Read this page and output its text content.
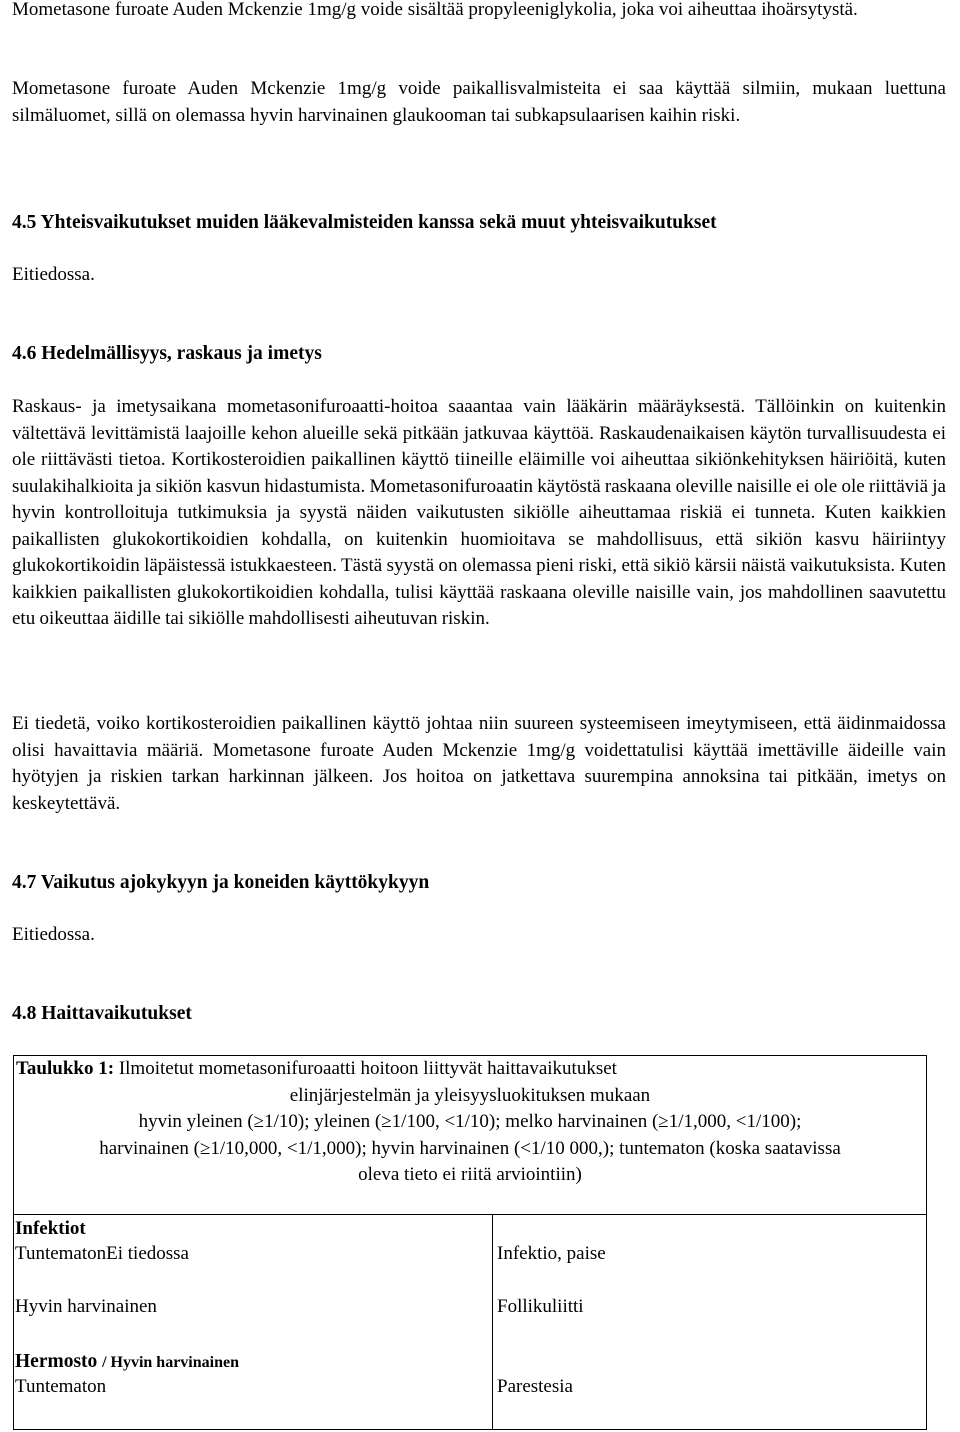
Mometasone furoate Auden Mckenzie 1mg/g voide sisältää propyleeniglykolia, joka voi aiheuttaa ihoärsytystä.

Mometasone furoate Auden Mckenzie 1mg/g voide paikallisvalmisteita ei saa käyttää silmiin, mukaan luettuna silmäluomet, sillä on olemassa hyvin harvinainen glaukooman tai subkapsulaarisen kaihin riski.

4.5 Yhteisvaikutukset muiden lääkevalmisteiden kanssa sekä muut yhteisvaikutukset

Eitiedossa.

4.6 Hedelmällisyys, raskaus ja imetys

Raskaus- ja imetysaikana mometasonifuroaatti-hoitoa saaantaa vain lääkärin määräyksestä. Tällöinkin on kuitenkin vältettävä levittämistä laajoille kehon alueille sekä pitkään jatkuvaa käyttöä. Raskaudenaikaisen käytön turvallisuudesta ei ole riittävästi tietoa. Kortikosteroidien paikallinen käyttö tiineille eläimille voi aiheuttaa sikiönkehityksen häiriöitä, kuten suulakihalkioita ja sikiön kasvun hidastumista. Mometasonifuroaatin käytöstä raskaana oleville naisille ei ole ole riittäviä ja hyvin kontrolloituja tutkimuksia ja syystä näiden vaikutusten sikiölle aiheuttamaa riskiä ei tunneta. Kuten kaikkien paikallisten glukokortikoidien kohdalla, on kuitenkin huomioitava se mahdollisuus, että sikiön kasvu häiriintyy glukokortikoidin läpäistessä istukkaesteen. Tästä syystä on olemassa pieni riski, että sikiö kärsii näistä vaikutuksista. Kuten kaikkien paikallisten glukokortikoidien kohdalla, tulisi käyttää raskaana oleville naisille vain, jos mahdollinen saavutettu etu oikeuttaa äidille tai sikiölle mahdollisesti aiheutuvan riskin.

Ei tiedetä, voiko kortikosteroidien paikallinen käyttö johtaa niin suureen systeemiseen imeytymiseen, että äidinmaidossa olisi havaittavia määriä. Mometasone furoate Auden Mckenzie 1mg/g voidettatulisi käyttää imettäville äideille vain hyötyjen ja riskien tarkan harkinnan jälkeen. Jos hoitoa on jatkettava suurempina annoksina tai pitkään, imetys on keskeytettävä.

4.7 Vaikutus ajokykyyn ja koneiden käyttökykyyn

Eitiedossa.

4.8 Haittavaikutukset
Taulukko 1: Ilmoitetut mometasonifuroaatti hoitoon liittyvät haittavaikutukset
elinjärjestelmän ja yleisyysluokituksen mukaan
hyvin yleinen (≥1/10); yleinen (≥1/100, <1/10); melko harvinainen (≥1/1,000, <1/100);
harvinainen (≥1/10,000, <1/1,000); hyvin harvinainen (<1/10 000,); tuntematon (koska saatavissa
oleva tieto ei riitä arviointiin)
Infektiot
TuntematonEi tiedossa
Hyvin harvinainen
Hermosto / Hyvin harvinainen
Tuntematon
Infektio, paise
Follikuliitti
Parestesia
